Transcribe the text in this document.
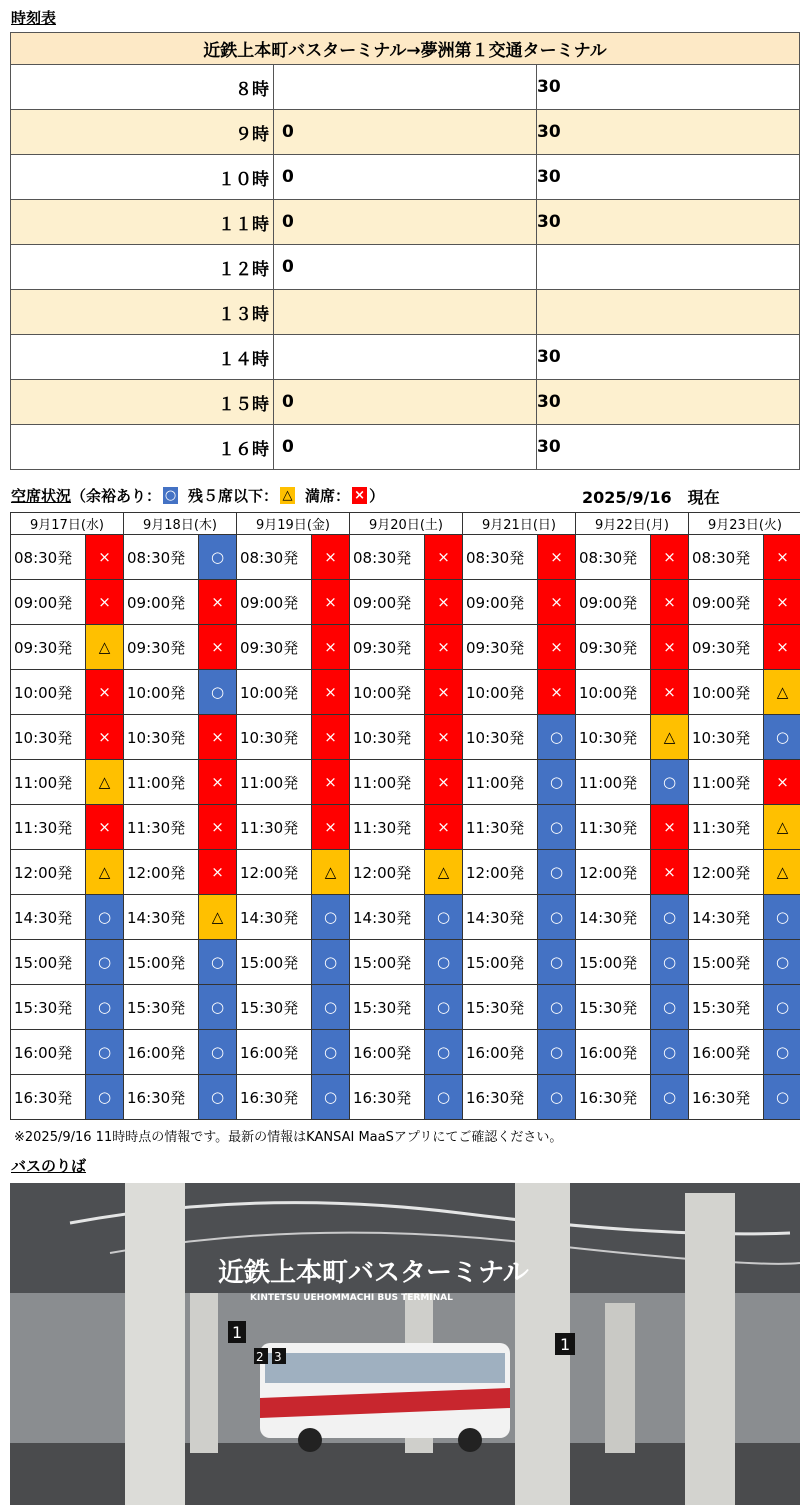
時刻表
近鉄上本町バスターミナル→夢洲第１交通ターミナル		
８時		30
９時	0	30
１０時	0	30
１１時	0	30
１２時	0	
１３時		
１４時		30
１５時	0	30
１６時	0	30
空席状況 （余裕あり： ○ 残５席以下： △ 満席： × ）	2025/9/16　現在
9月17日(水)		9月18日(木)		9月19日(金)		9月20日(土)		9月21日(日)		9月22日(月)		9月23日(火)	
08:30発	×	08:30発	○	08:30発	×	08:30発	×	08:30発	×	08:30発	×	08:30発	×
09:00発	×	09:00発	×	09:00発	×	09:00発	×	09:00発	×	09:00発	×	09:00発	×
09:30発	△	09:30発	×	09:30発	×	09:30発	×	09:30発	×	09:30発	×	09:30発	×
10:00発	×	10:00発	○	10:00発	×	10:00発	×	10:00発	×	10:00発	×	10:00発	△
10:30発	×	10:30発	×	10:30発	×	10:30発	×	10:30発	○	10:30発	△	10:30発	○
11:00発	△	11:00発	×	11:00発	×	11:00発	×	11:00発	○	11:00発	○	11:00発	×
11:30発	×	11:30発	×	11:30発	×	11:30発	×	11:30発	○	11:30発	×	11:30発	△
12:00発	△	12:00発	×	12:00発	△	12:00発	△	12:00発	○	12:00発	×	12:00発	△
14:30発	○	14:30発	△	14:30発	○	14:30発	○	14:30発	○	14:30発	○	14:30発	○
15:00発	○	15:00発	○	15:00発	○	15:00発	○	15:00発	○	15:00発	○	15:00発	○
15:30発	○	15:30発	○	15:30発	○	15:30発	○	15:30発	○	15:30発	○	15:30発	○
16:00発	○	16:00発	○	16:00発	○	16:00発	○	16:00発	○	16:00発	○	16:00発	○
16:30発	○	16:30発	○	16:30発	○	16:30発	○	16:30発	○	16:30発	○	16:30発	○
※2025/9/16 11時時点の情報です。最新の情報はKANSAI MaaSアプリにてご確認ください。
バスのりば
1
2 3
1
近鉄上本町バスターミナル
KINTETSU UEHOMMACHI BUS TERMINAL
